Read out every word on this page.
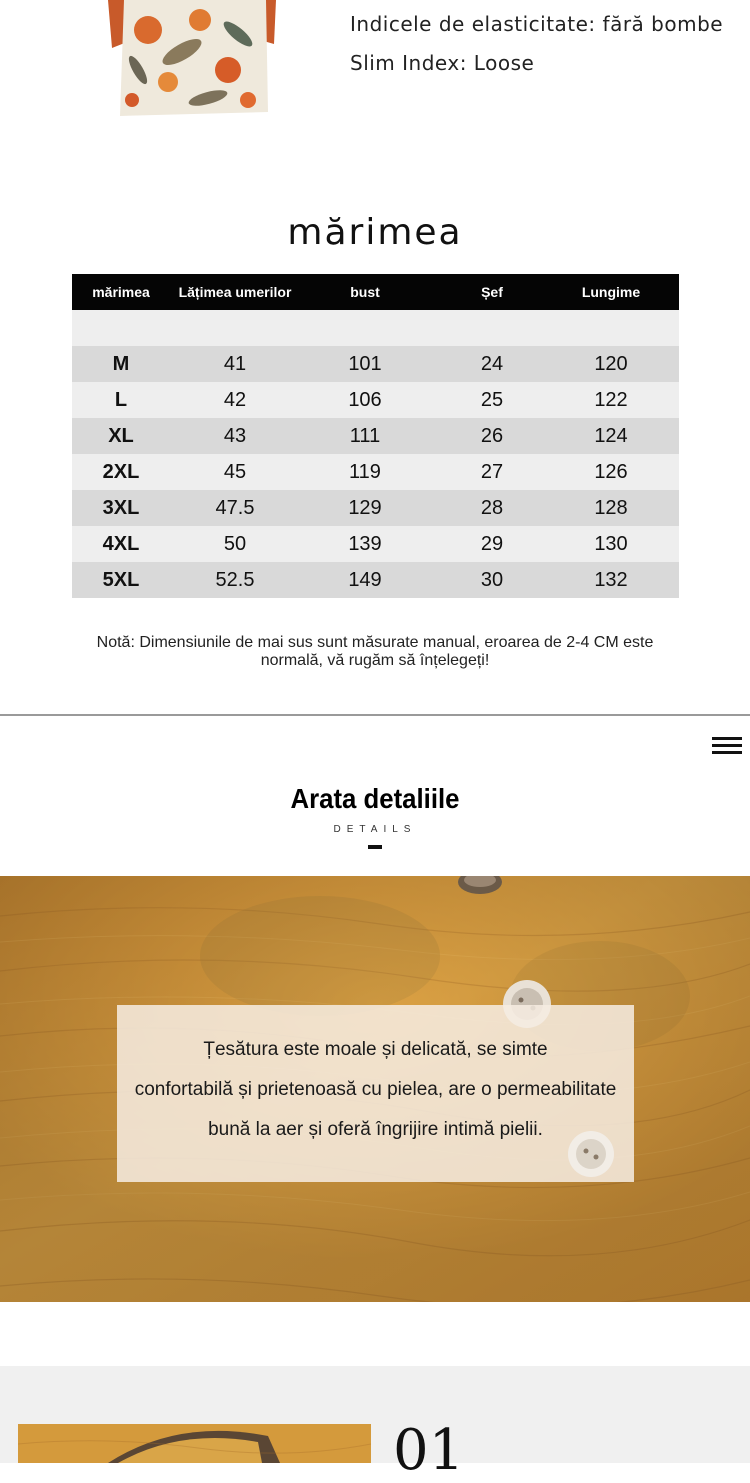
Indicele de elasticitate: fără bombe
Slim Index: Loose
mărimea
mărimea	Lățimea umerilor	bust	Șef	Lungime
M	41	101	24	120
L	42	106	25	122
XL	43	111	26	124
2XL	45	119	27	126
3XL	47.5	129	28	128
4XL	50	139	29	130
5XL	52.5	149	30	132
Notă: Dimensiunile de mai sus sunt măsurate manual, eroarea de 2-4 CM este
normală, vă rugăm să înțelegeți!
Arata detaliile
DETAILS

Țesătura este moale și delicată, se simte

confortabilă și prietenoasă cu pielea, are o permeabilitate

bună la aer și oferă îngrijire intimă pielii.

01
